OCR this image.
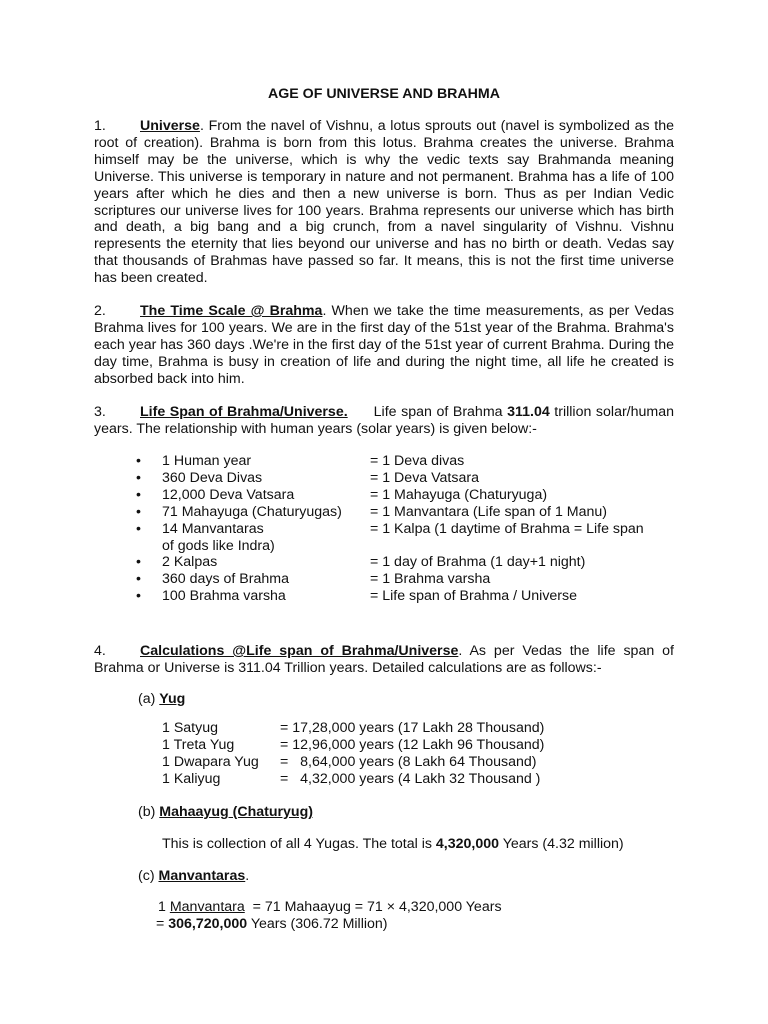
AGE OF UNIVERSE AND BRAHMA
1. Universe. From the navel of Vishnu, a lotus sprouts out (navel is symbolized as the root of creation). Brahma is born from this lotus. Brahma creates the universe. Brahma himself may be the universe, which is why the vedic texts say Brahmanda meaning Universe. This universe is temporary in nature and not permanent. Brahma has a life of 100 years after which he dies and then a new universe is born. Thus as per Indian Vedic scriptures our universe lives for 100 years. Brahma represents our universe which has birth and death, a big bang and a big crunch, from a navel singularity of Vishnu. Vishnu represents the eternity that lies beyond our universe and has no birth or death. Vedas say that thousands of Brahmas have passed so far. It means, this is not the first time universe has been created.
2. The Time Scale @ Brahma. When we take the time measurements, as per Vedas Brahma lives for 100 years. We are in the first day of the 51st year of the Brahma. Brahma's each year has 360 days .We're in the first day of the 51st year of current Brahma. During the day time, Brahma is busy in creation of life and during the night time, all life he created is absorbed back into him.
3. Life Span of Brahma/Universe. Life span of Brahma 311.04 trillion solar/human years. The relationship with human years (solar years) is given below:-
• 1 Human year	= 1 Deva divas
• 360 Deva Divas	= 1 Deva Vatsara
• 12,000 Deva Vatsara	= 1 Mahayuga (Chaturyuga)
• 71 Mahayuga (Chaturyugas) = 1 Manvantara (Life span of 1 Manu)
• 14 Manvantaras	= 1 Kalpa (1 daytime of Brahma = Life span
of gods like Indra)
• 2 Kalpas	= 1 day of Brahma (1 day+1 night)
• 360 days of Brahma	= 1 Brahma varsha
• 100 Brahma varsha	= Life span of Brahma / Universe
4. Calculations @Life span of Brahma/Universe. As per Vedas the life span of Brahma or Universe is 311.04 Trillion years. Detailed calculations are as follows:-
(a) Yug
1 Satyug	= 17,28,000 years (17 Lakh 28 Thousand)
1 Treta Yug	= 12,96,000 years (12 Lakh 96 Thousand)
1 Dwapara Yug =   8,64,000 years (8 Lakh 64 Thousand)
1 Kaliyug	=   4,32,000 years (4 Lakh 32 Thousand )
(b) Mahaayug (Chaturyug)
This is collection of all 4 Yugas. The total is 4,320,000 Years (4.32 million)
(c) Manvantaras.
1 Manvantara  = 71 Mahaayug = 71 × 4,320,000 Years
= 306,720,000 Years (306.72 Million)
